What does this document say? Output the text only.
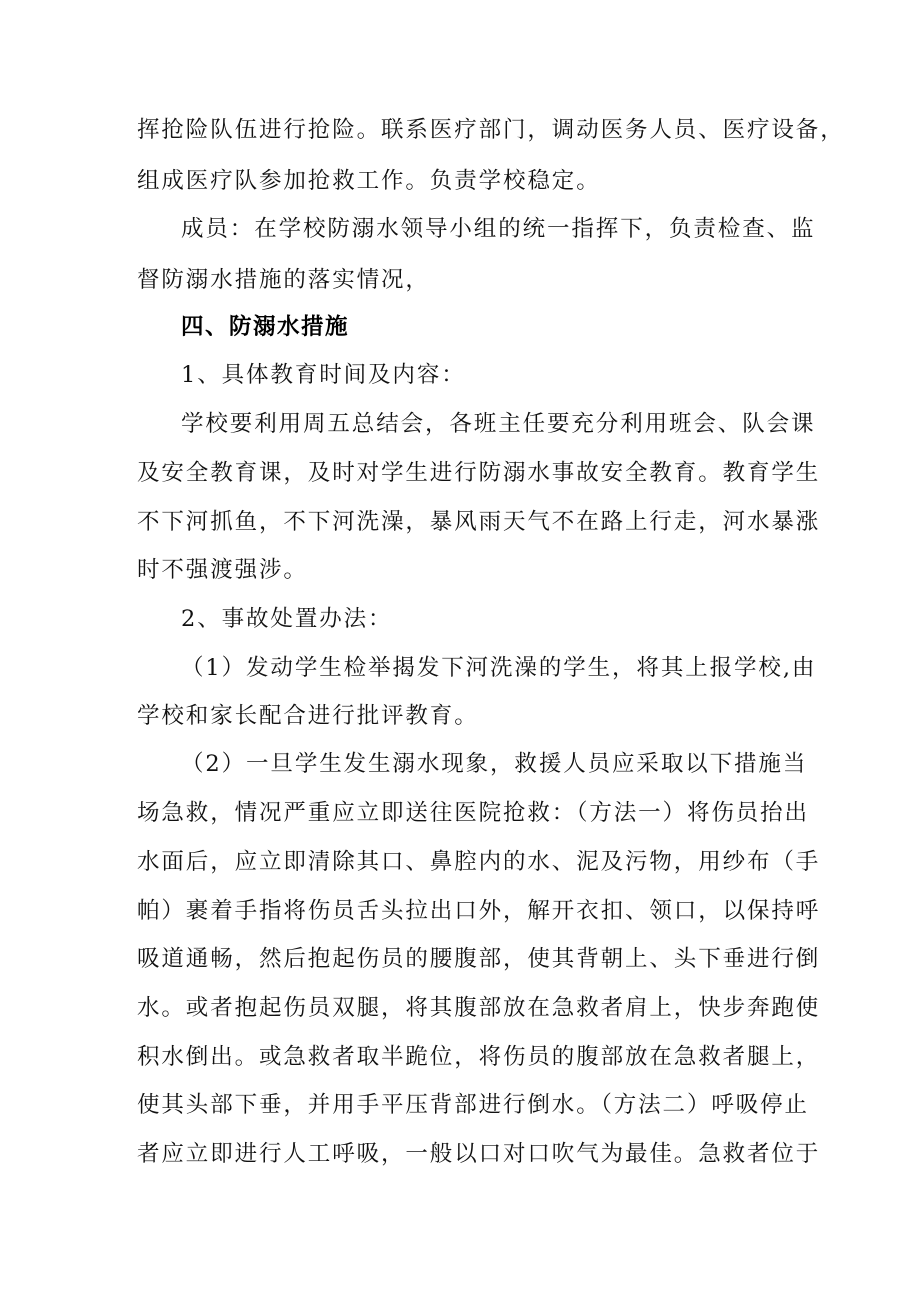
挥抢险队伍进行抢险。联系医疗部门，调动医务人员、医疗设备，
组成医疗队参加抢救工作。负责学校稳定。
成员：在学校防溺水领导小组的统一指挥下，负责检查、监
督防溺水措施的落实情况，
四、防溺水措施
1、具体教育时间及内容：
学校要利用周五总结会，各班主任要充分利用班会、队会课
及安全教育课，及时对学生进行防溺水事故安全教育。教育学生
不下河抓鱼，不下河洗澡，暴风雨天气不在路上行走，河水暴涨
时不强渡强涉。
2、事故处置办法：
（1）发动学生检举揭发下河洗澡的学生，将其上报学校,由
学校和家长配合进行批评教育。
（2）一旦学生发生溺水现象，救援人员应采取以下措施当
场急救，情况严重应立即送往医院抢救：（方法一）将伤员抬出
水面后，应立即清除其口、鼻腔内的水、泥及污物，用纱布（手
帕）裹着手指将伤员舌头拉出口外，解开衣扣、领口，以保持呼
吸道通畅，然后抱起伤员的腰腹部，使其背朝上、头下垂进行倒
水。或者抱起伤员双腿，将其腹部放在急救者肩上，快步奔跑使
积水倒出。或急救者取半跪位，将伤员的腹部放在急救者腿上，
使其头部下垂，并用手平压背部进行倒水。（方法二）呼吸停止
者应立即进行人工呼吸，一般以口对口吹气为最佳。急救者位于
